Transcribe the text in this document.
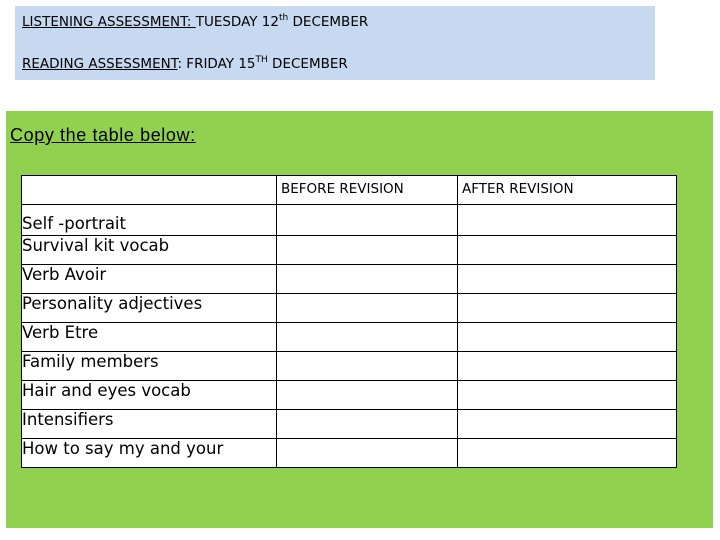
LISTENING ASSESSMENT: TUESDAY 12th DECEMBER
READING ASSESSMENT: FRIDAY 15TH DECEMBER
Copy the table below:

	BEFORE REVISION	AFTER REVISION

Self -portrait		
Survival kit vocab		
Verb Avoir		
Personality adjectives		
Verb Etre		
Family members		
Hair and eyes vocab		
Intensifiers		
How to say my and your		
